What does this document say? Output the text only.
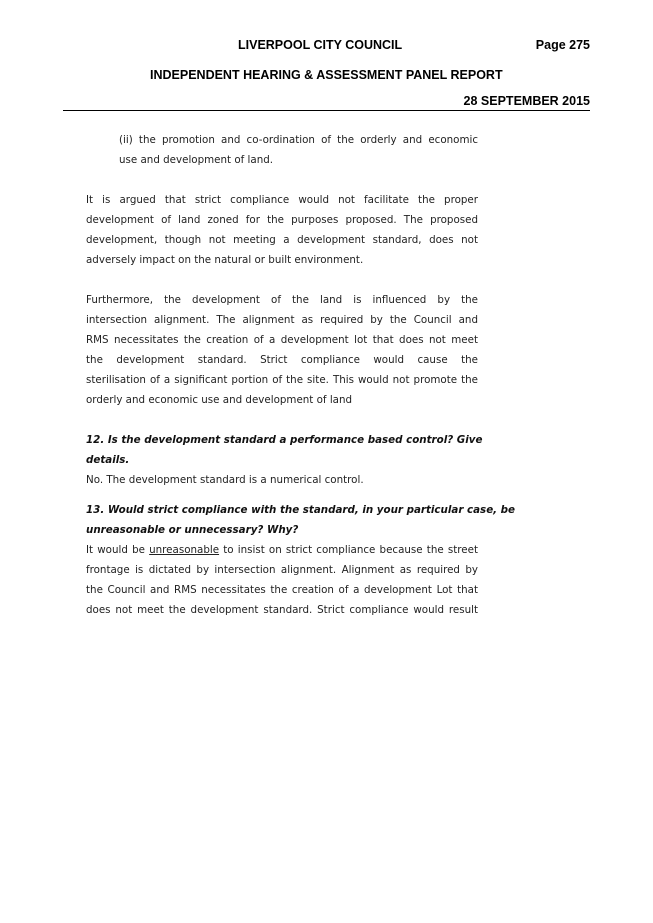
LIVERPOOL CITY COUNCIL	Page 275
INDEPENDENT HEARING & ASSESSMENT PANEL REPORT
28 SEPTEMBER 2015
(ii) the promotion and co-ordination of the orderly and economic
use and development of land.
It is argued that strict compliance would not facilitate the proper
development of land zoned for the purposes proposed. The proposed
development, though not meeting a development standard, does not
adversely impact on the natural or built environment.
Furthermore, the development of the land is influenced by the
intersection alignment. The alignment as required by the Council and
RMS necessitates the creation of a development lot that does not meet
the development standard. Strict compliance would cause the
sterilisation of a significant portion of the site. This would not promote the
orderly and economic use and development of land
12. Is the development standard a performance based control? Give
details.
No. The development standard is a numerical control.
13. Would strict compliance with the standard, in your particular case, be
unreasonable or unnecessary? Why?
It would be unreasonable to insist on strict compliance because the street
frontage is dictated by intersection alignment. Alignment as required by
the Council and RMS necessitates the creation of a development Lot that
does not meet the development standard. Strict compliance would result
